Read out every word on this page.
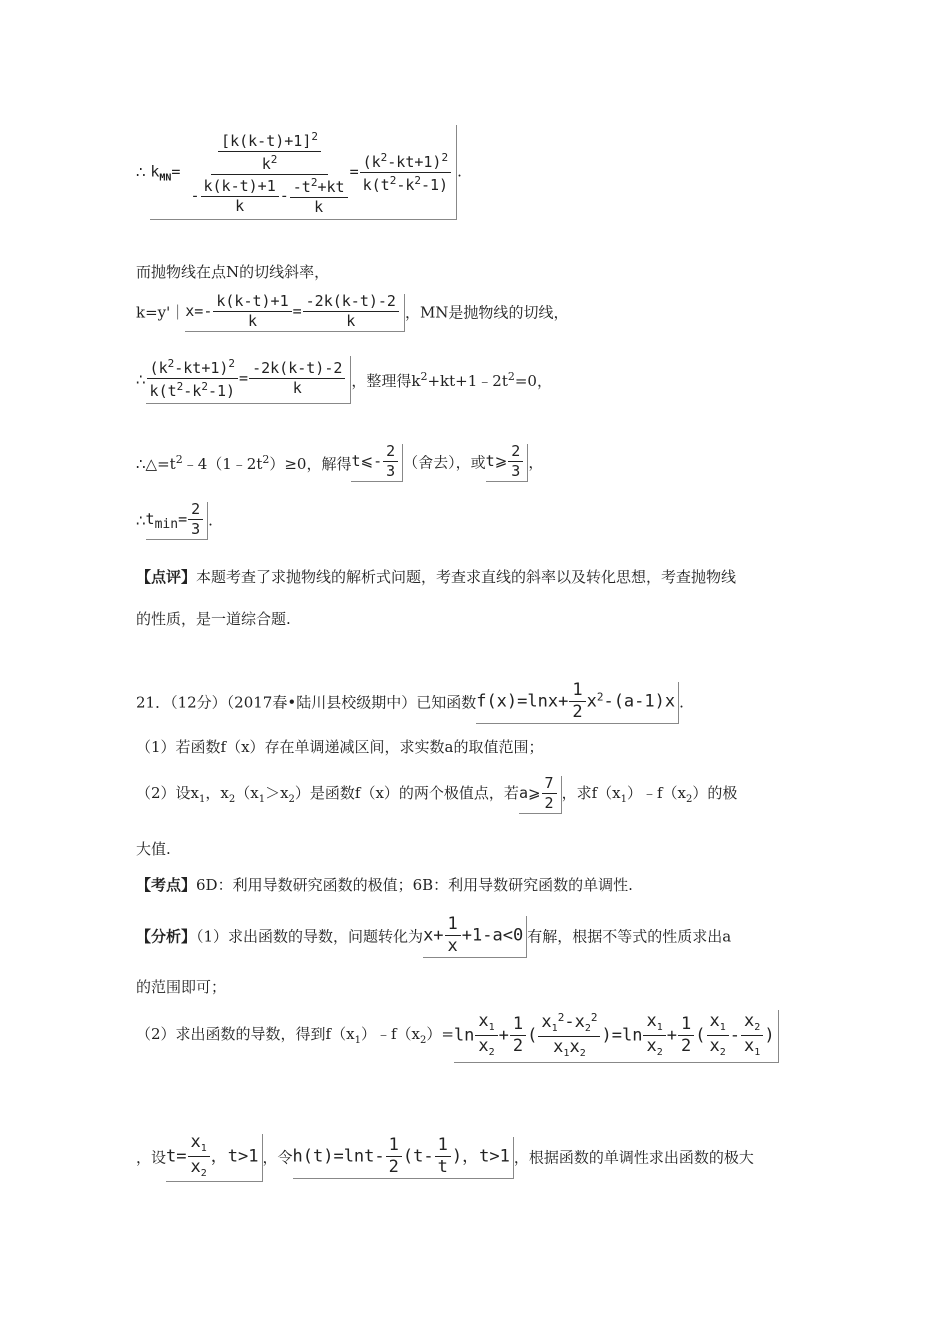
∴ $k_{MN}=$	$\frac{[k(k-t)+1]^2}{k^2}$
- $\frac{k(k-t)+1}{k} - \frac{-t^2+kt}{k}$
= $\frac{(k^2-kt+1)^2}{k(t^2-k^2-1)}$ .
而抛物线在点N的切线斜率，
k=y'｜x=- $\frac{k(k-t)+1}{k} = \frac{-2k(k-t)-2}{k}$ ，MN是抛物线的切线，
∴ $\frac{(k^2-kt+1)^2}{k(t^2-k^2-1)} = \frac{-2k(k-t)-2}{k}$ ，整理得$k^2+kt+1﹣2t^2=0$，
$\therefore\triangle=t^2﹣4(1﹣2t^2)\ge 0$，解得t⩽- $\frac{2}{3}$ （舍去），或t⩾ $\frac{2}{3}$ ，
$\therefore t_{min}= \frac{2}{3}$ .
【点评】本题考查了求抛物线的解析式问题，考查求直线的斜率以及转化思想，考查抛物线
的性质，是一道综合题.
21．（12分）（2017春•陆川县校级期中）已知函数$f(x)=\ln x+ \frac{1}{2} x^2-(a-1)x$ .
（1）若函数f（x）存在单调递减区间，求实数a的取值范围；
（2）设$x_1$，$x_2(x_1>x_2)$是函数f（x）的两个极值点，若a⩾ $\frac{7}{2}$ ，求$f(x_1)﹣f(x_2)$的极
大值.
【考点】6D：利用导数研究函数的极值；6B：利用导数研究函数的单调性.
【分析】（1）求出函数的导数，问题转化为$x+ \frac{1}{x} +1-a<0$ 有解，根据不等式的性质求出a
的范围即可；
（2）求出函数的导数，得到$f(x_1)﹣f(x_2)=\ln \frac{x_1}{x_2} + \frac{1}{2}$ ( $\frac{x_1^2-x_2^2}{x_1x_2} )=\ln \frac{x_1}{x_2} + \frac{1}{2}$ ( $\frac{x_1}{x_2} - \frac{x_2}{x_1}$ )
，设$t= \frac{x_1}{x_2}$ ，t>1 ，令$h(t)=\ln t- \frac{1}{2} (t- \frac{1}{t}$ )，t>1 ，根据函数的单调性求出函数的极大
